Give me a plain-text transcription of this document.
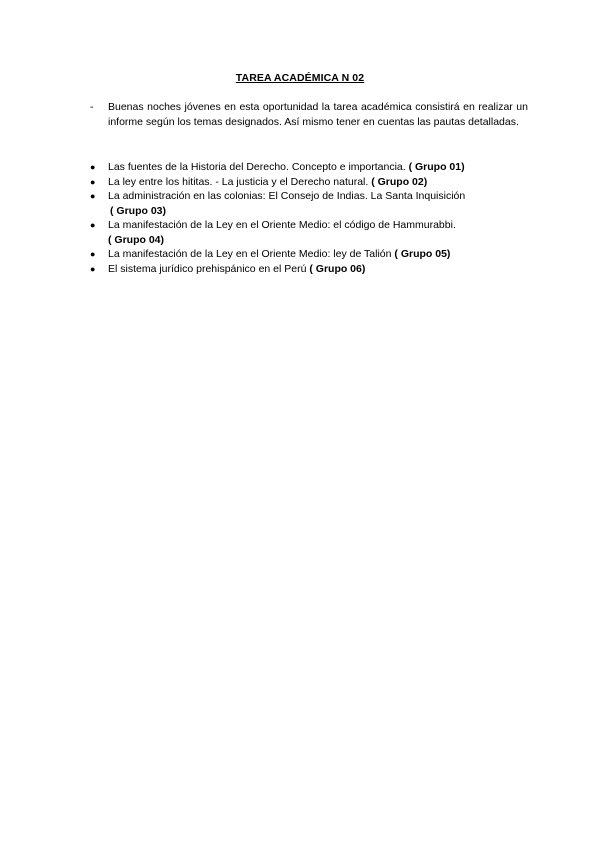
TAREA ACADÉMICA N 02
- Buenas noches jóvenes en esta oportunidad la tarea académica consistirá en realizar un informe según los temas designados. Así mismo tener en cuentas las pautas detalladas.
● Las fuentes de la Historia del Derecho. Concepto e importancia. ( Grupo 01)
● La ley entre los hititas. - La justicia y el Derecho natural. ( Grupo 02)
● La administración en las colonias: El Consejo de Indias. La Santa Inquisición
( Grupo 03)
● La manifestación de la Ley en el Oriente Medio: el código de Hammurabbi.
( Grupo 04)
● La manifestación de la Ley en el Oriente Medio: ley de Talión ( Grupo 05)
● El sistema jurídico prehispánico en el Perú ( Grupo 06)
